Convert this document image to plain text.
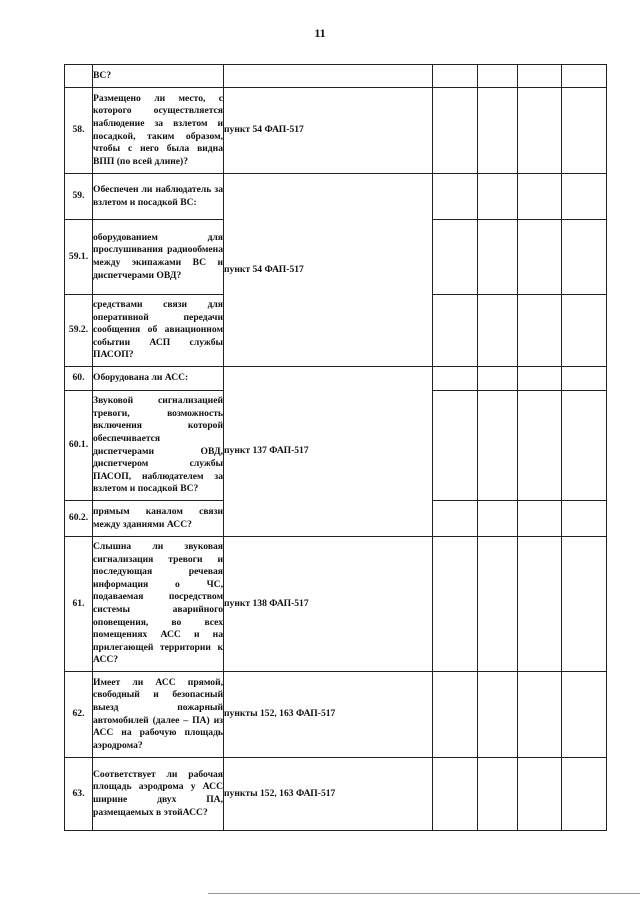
11
	ВС?					
58.	Размещено ли место, с которого осуществляется наблюдение за взлетом и посадкой, таким образом, чтобы с него была видна ВПП (по всей длине)?	пункт 54 ФАП-517				
59.	Обеспечен ли наблюдатель за взлетом и посадкой ВС:	пункт 54 ФАП-517				
59.1.	оборудованием для прослушивания радиообмена между экипажами ВС и диспетчерами ОВД?					
59.2.	средствами связи для оперативной передачи сообщения об авиационном событии АСП службы ПАСОП?					
60.	Оборудована ли АСС:	пункт 137 ФАП-517				
60.1.	Звуковой сигнализацией тревоги, возможность включения которой обеспечивается диспетчерами ОВД, диспетчером службы ПАСОП, наблюдателем за взлетом и посадкой ВС?					
60.2.	прямым каналом связи между зданиями АСС?					
61.	Слышна ли звуковая сигнализация тревоги и последующая речевая информация о ЧС, подаваемая посредством системы аварийного оповещения, во всех помещениях АСС и на прилегающей территории к АСС?	пункт 138 ФАП-517				
62.	Имеет ли АСС прямой, свободный и безопасный выезд пожарный автомобилей (далее – ПА) из АСС на рабочую площадь аэродрома?	пункты 152, 163 ФАП-517				
63.	Соответствует ли рабочая площадь аэродрома у АСС ширине двух ПА, размещаемых в этойАСС?	пункты 152, 163 ФАП-517				
